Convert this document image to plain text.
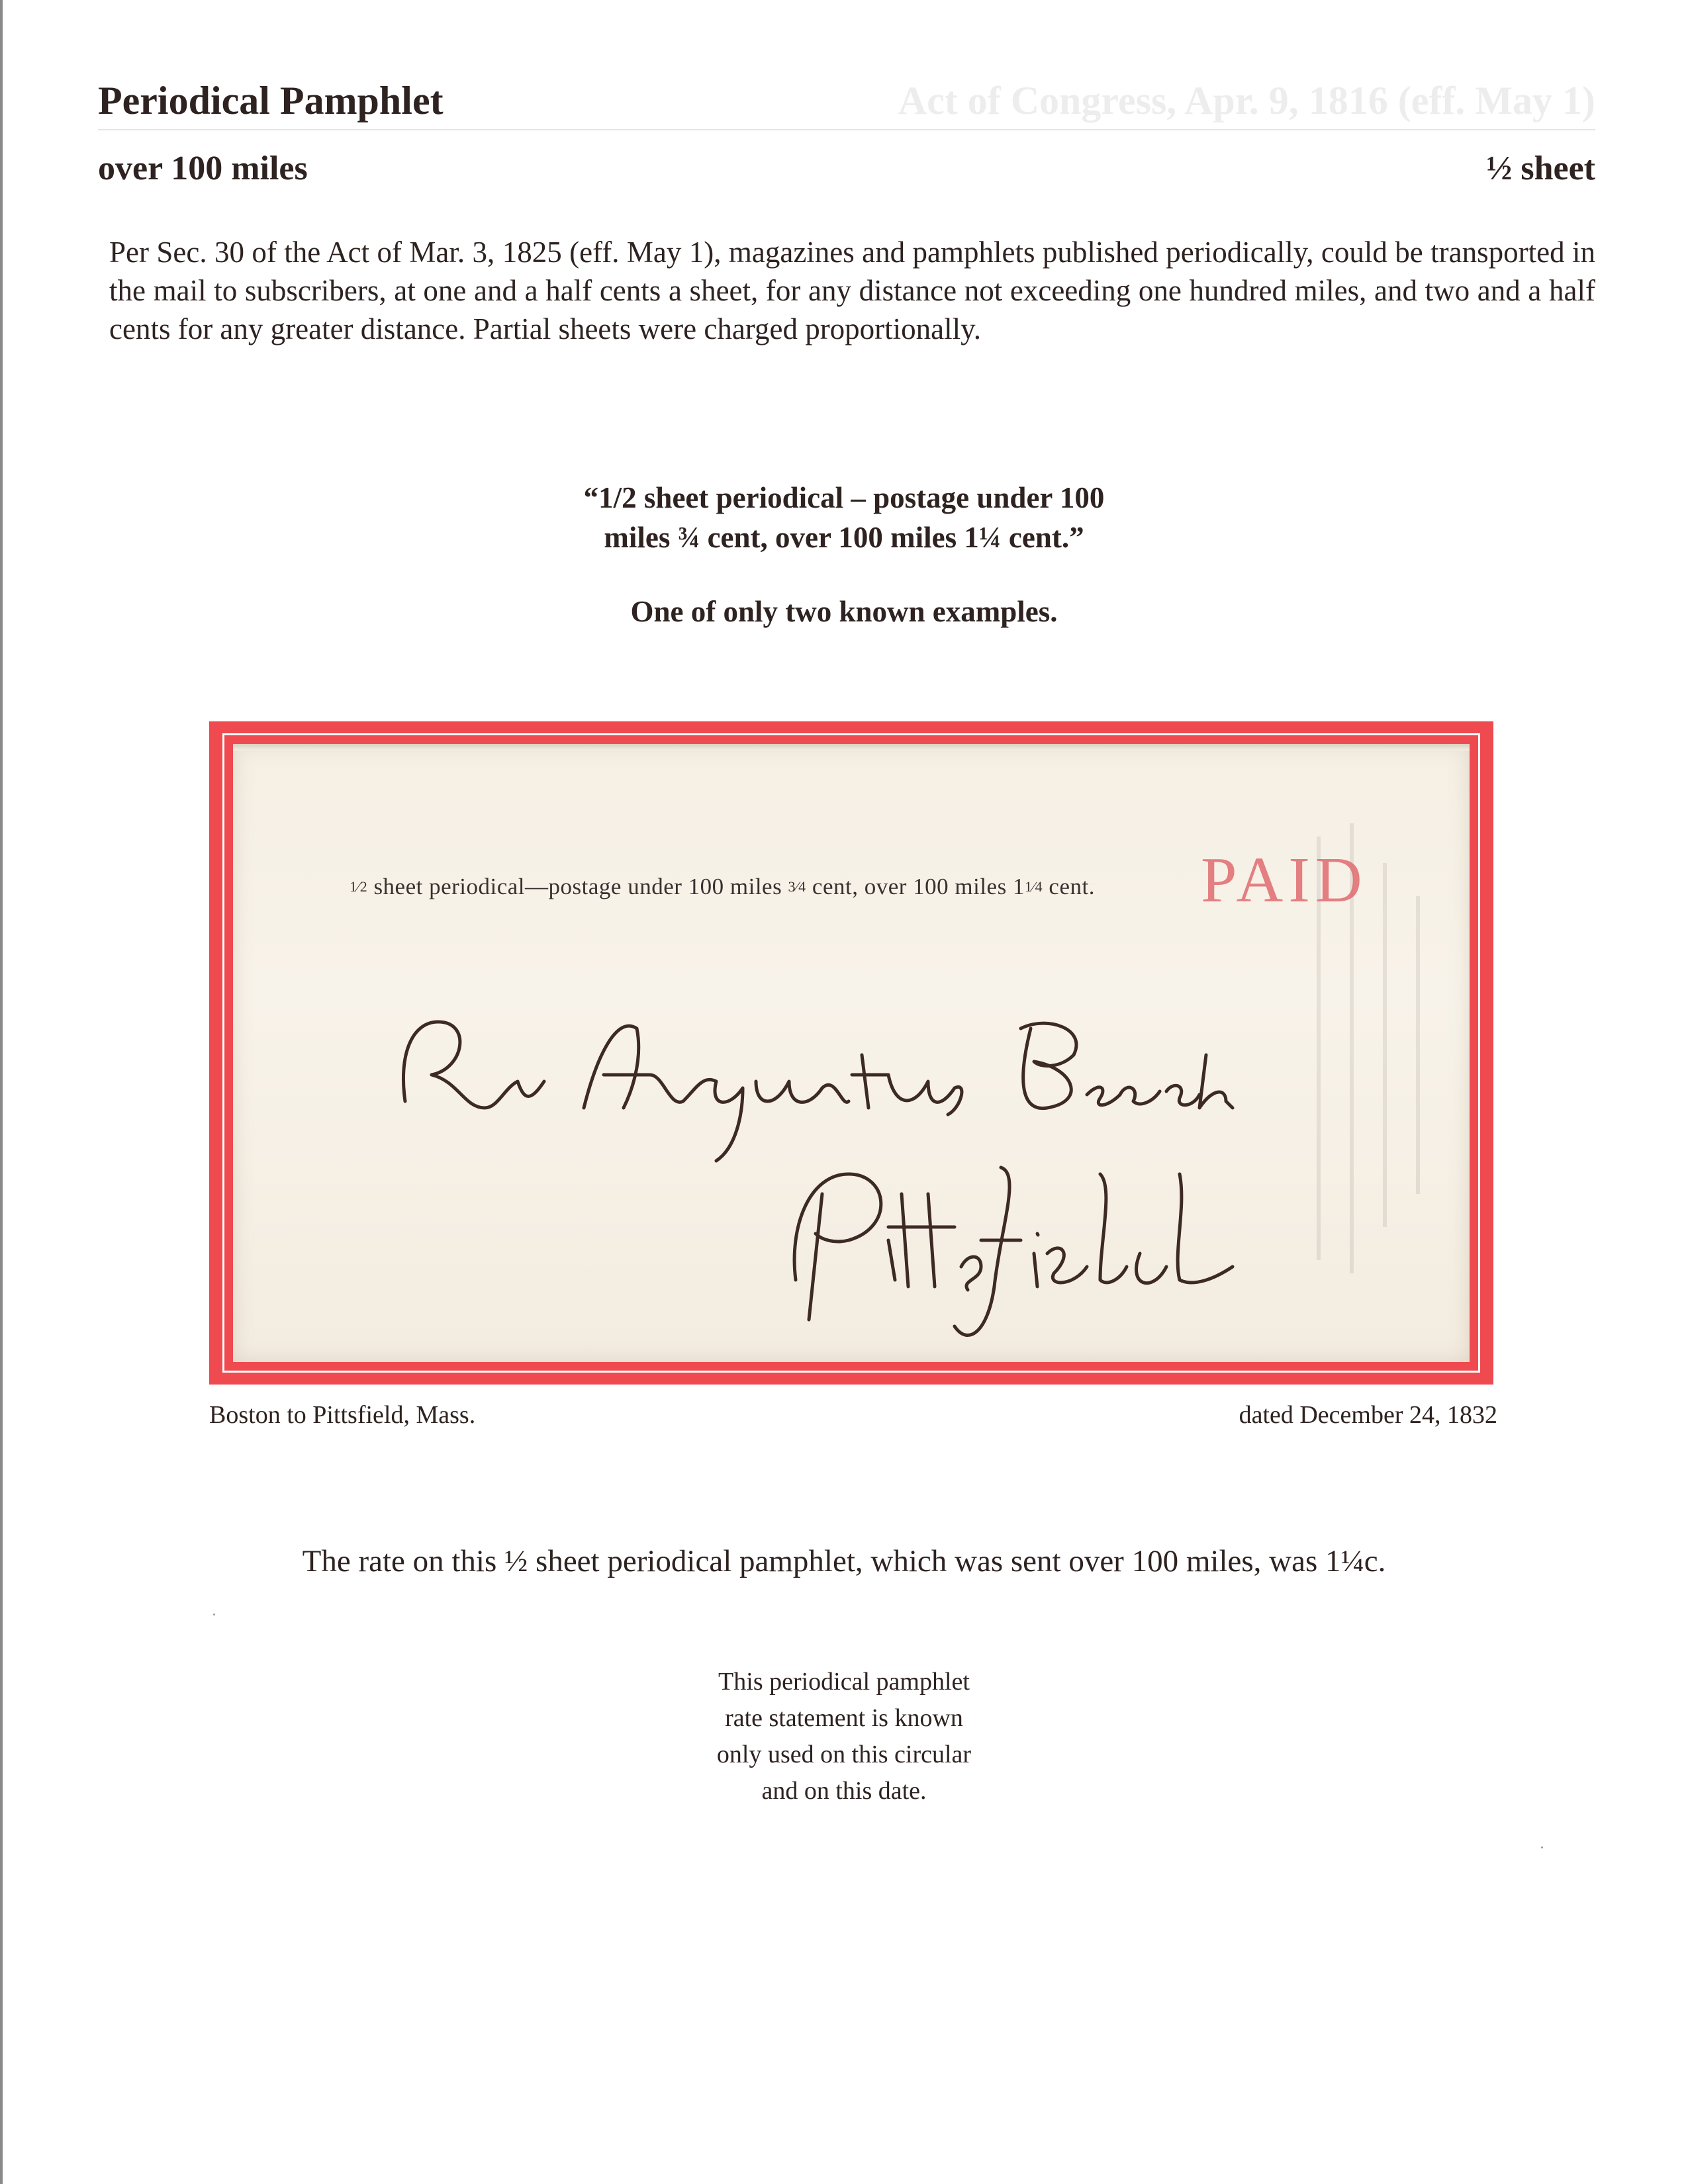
Periodical Pamphlet	Act of Congress, Apr. 9, 1816 (eff. May 1)
over 100 miles	½ sheet
Per Sec. 30 of the Act of Mar. 3, 1825 (eff. May 1), magazines and pamphlets published periodically, could be transported in the mail to subscribers, at one and a half cents a sheet, for any distance not exceeding one hundred miles, and two and a half cents for any greater distance. Partial sheets were charged proportionally.
“1/2 sheet periodical – postage under 100
miles ¾ cent, over 100 miles 1¼ cent.”
One of only two known examples.
1⁄2 sheet periodical—postage under 100 miles 3⁄4 cent, over 100 miles 11⁄4 cent. PAID
Boston to Pittsfield, Mass.	dated December 24, 1832
The rate on this ½ sheet periodical pamphlet, which was sent over 100 miles, was 1¼c.
This periodical pamphlet
rate statement is known
only used on this circular
and on this date.
